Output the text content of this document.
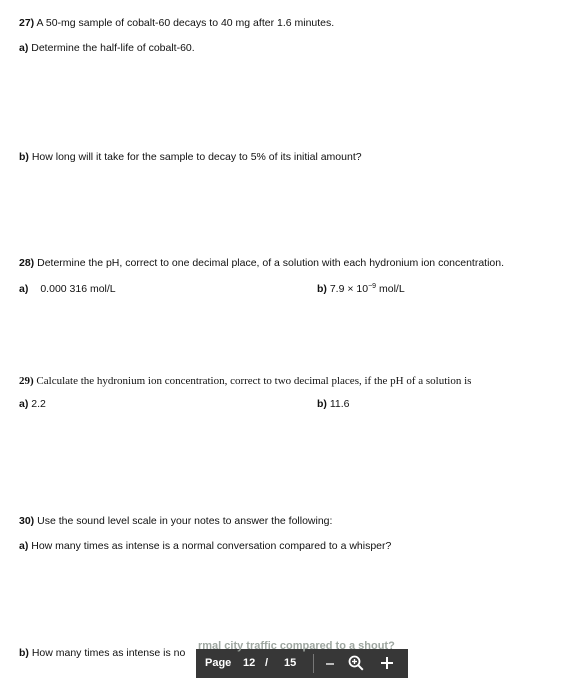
27) A 50-mg sample of cobalt-60 decays to 40 mg after 1.6 minutes.
a) Determine the half-life of cobalt-60.
b) How long will it take for the sample to decay to 5% of its initial amount?
28) Determine the pH, correct to one decimal place, of a solution with each hydronium ion concentration.
a) 0.000 316 mol/L	b) $7.9 \times 10^{-9}$ mol/L
29) Calculate the hydronium ion concentration, correct to two decimal places, if the pH of a solution is
a) 2.2	b) 11.6
30) Use the sound level scale in your notes to answer the following:
a) How many times as intense is a normal conversation compared to a whisper?
b) How many times as intense is no
rmal city traffic compared to a shout?
Page 12 / 15
